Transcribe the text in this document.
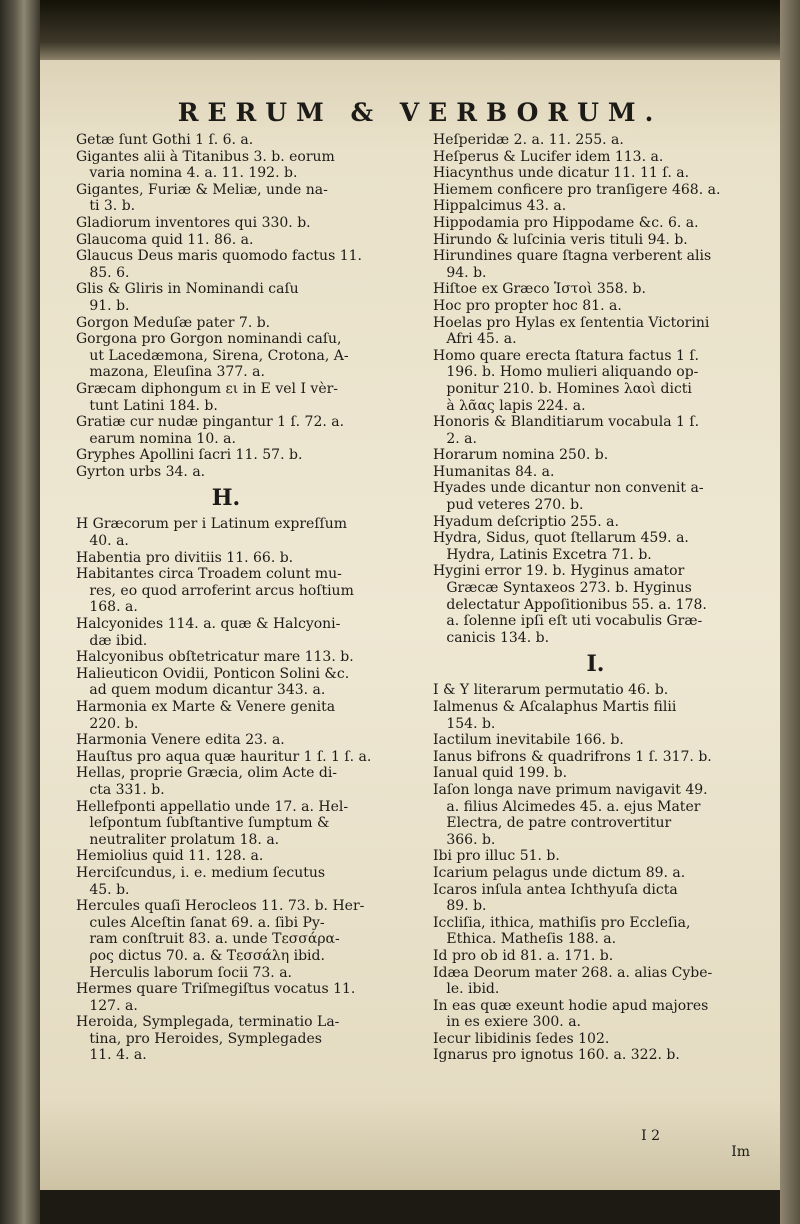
RERUM & VERBORUM.

Getæ ſunt Gothi 1 ſ. 6. a.

Gigantes alii à Titanibus 3. b. eorum

varia nomina 4. a. 11. 192. b.

Gigantes, Furiæ & Meliæ, unde na-

ti 3. b.

Gladiorum inventores qui 330. b.

Glaucoma quid 11. 86. a.

Glaucus Deus maris quomodo factus 11.

85. 6.

Glis & Gliris in Nominandi caſu

91. b.

Gorgon Meduſæ pater 7. b.

Gorgona pro Gorgon nominandi caſu,

ut Lacedæmona, Sirena, Crotona, A-

mazona, Eleuſina 377. a.

Græcam diphongum ει in E vel I vèr-

tunt Latini 184. b.

Gratiæ cur nudæ pingantur 1 ſ. 72. a.

earum nomina 10. a.

Gryphes Apollini ſacri 11. 57. b.

Gyrton urbs 34. a.

H.

H Græcorum per i Latinum expreſſum

40. a.

Habentia pro divitiis 11. 66. b.

Habitantes circa Troadem colunt mu-

res, eo quod arroferint arcus hoſtium

168. a.

Halcyonides 114. a. quæ & Halcyoni-

dæ ibid.

Halcyonibus obſtetricatur mare 113. b.

Halieuticon Ovidii, Ponticon Solini &c.

ad quem modum dicantur 343. a.

Harmonia ex Marte & Venere genita

220. b.

Harmonia Venere edita 23. a.

Hauſtus pro aqua quæ hauritur 1 ſ. 1 ſ. a.

Hellas, proprie Græcia, olim Acte di-

cta 331. b.

Hellefponti appellatio unde 17. a. Hel-

leſpontum ſubſtantive ſumptum &

neutraliter prolatum 18. a.

Hemiolius quid 11. 128. a.

Herciſcundus, i. e. medium ſecutus

45. b.

Hercules quaſi Herocleos 11. 73. b. Her-

cules Alceſtin ſanat 69. a. ſibi Py-

ram conſtruit 83. a. unde Τεσσάρα-

ρος dictus 70. a. & Τεσσάλη ibid.

Herculis laborum ſocii 73. a.

Hermes quare Triſmegiſtus vocatus 11.

127. a.

Heroida, Symplegada, terminatio La-

tina, pro Heroides, Symplegades

11. 4. a.

Heſperidæ 2. a. 11. 255. a.

Heſperus & Lucifer idem 113. a.

Hiacynthus unde dicatur 11. 11 ſ. a.

Hiemem conficere pro tranſigere 468. a.

Hippalcimus 43. a.

Hippodamia pro Hippodame &c. 6. a.

Hirundo & luſcinia veris tituli 94. b.

Hirundines quare ſtagna verberent alis

94. b.

Hiſtoe ex Græco Ἱστοὶ 358. b.

Hoc pro propter hoc 81. a.

Hoelas pro Hylas ex ſententia Victorini

Afri 45. a.

Homo quare erecta ſtatura factus 1 ſ.

196. b. Homo mulieri aliquando op-

ponitur 210. b. Homines λαοὶ dicti

à λᾶας lapis 224. a.

Honoris & Blanditiarum vocabula 1 ſ.

2. a.

Horarum nomina 250. b.

Humanitas 84. a.

Hyades unde dicantur non convenit a-

pud veteres 270. b.

Hyadum deſcriptio 255. a.

Hydra, Sidus, quot ſtellarum 459. a.

Hydra, Latinis Excetra 71. b.

Hygini error 19. b. Hyginus amator

Græcæ Syntaxeos 273. b. Hyginus

delectatur Appoſitionibus 55. a. 178.

a. ſolenne ipſi eſt uti vocabulis Græ-

canicis 134. b.

I.

I & Y literarum permutatio 46. b.

Ialmenus & Aſcalaphus Martis filii

154. b.

Iactilum inevitabile 166. b.

Ianus bifrons & quadrifrons 1 ſ. 317. b.

Ianual quid 199. b.

Iaſon longa nave primum navigavit 49.

a. filius Alcimedes 45. a. ejus Mater

Electra, de patre controvertitur

366. b.

Ibi pro illuc 51. b.

Icarium pelagus unde dictum 89. a.

Icaros inſula antea Ichthyuſa dicta

89. b.

Iccliſia, ithica, mathiſis pro Eccleſia,

Ethica. Matheſis 188. a.

Id pro ob id 81. a. 171. b.

Idæa Deorum mater 268. a. alias Cybe-

le. ibid.

In eas quæ exeunt hodie apud majores

in es exiere 300. a.

Iecur libidinis ſedes 102.

Ignarus pro ignotus 160. a. 322. b.

I 2

Im
